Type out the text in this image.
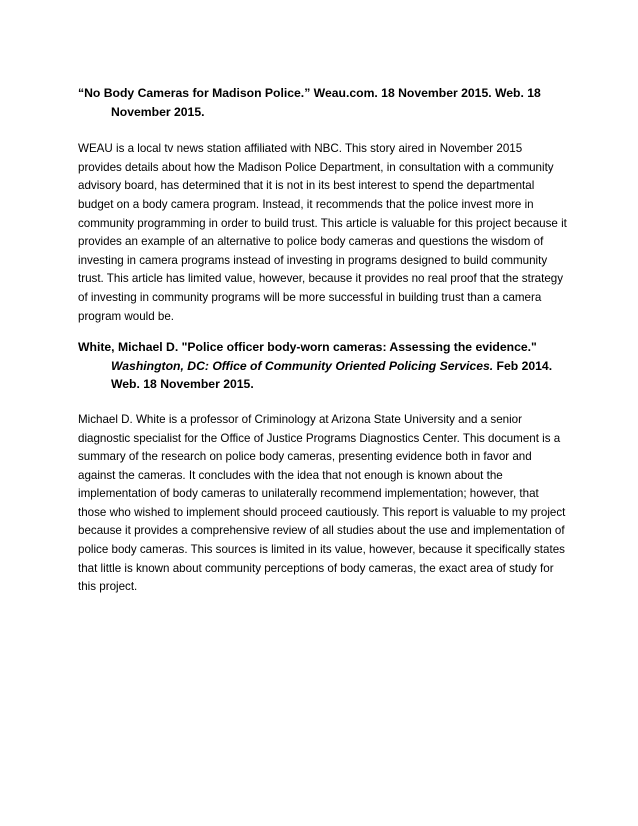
“No Body Cameras for Madison Police.” Weau.com. 18 November 2015. Web. 18 November 2015.

WEAU is a local tv news station affiliated with NBC. This story aired in November 2015 provides details about how the Madison Police Department, in consultation with a community advisory board, has determined that it is not in its best interest to spend the departmental budget on a body camera program. Instead, it recommends that the police invest more in community programming in order to build trust. This article is valuable for this project because it provides an example of an alternative to police body cameras and questions the wisdom of investing in camera programs instead of investing in programs designed to build community trust. This article has limited value, however, because it provides no real proof that the strategy of investing in community programs will be more successful in building trust than a camera program would be.

White, Michael D. "Police officer body-worn cameras: Assessing the evidence." Washington, DC: Office of Community Oriented Policing Services. Feb 2014. Web. 18 November 2015.

Michael D. White is a professor of Criminology at Arizona State University and a senior diagnostic specialist for the Office of Justice Programs Diagnostics Center. This document is a summary of the research on police body cameras, presenting evidence both in favor and against the cameras. It concludes with the idea that not enough is known about the implementation of body cameras to unilaterally recommend implementation; however, that those who wished to implement should proceed cautiously. This report is valuable to my project because it provides a comprehensive review of all studies about the use and implementation of police body cameras. This sources is limited in its value, however, because it specifically states that little is known about community perceptions of body cameras, the exact area of study for this project.
